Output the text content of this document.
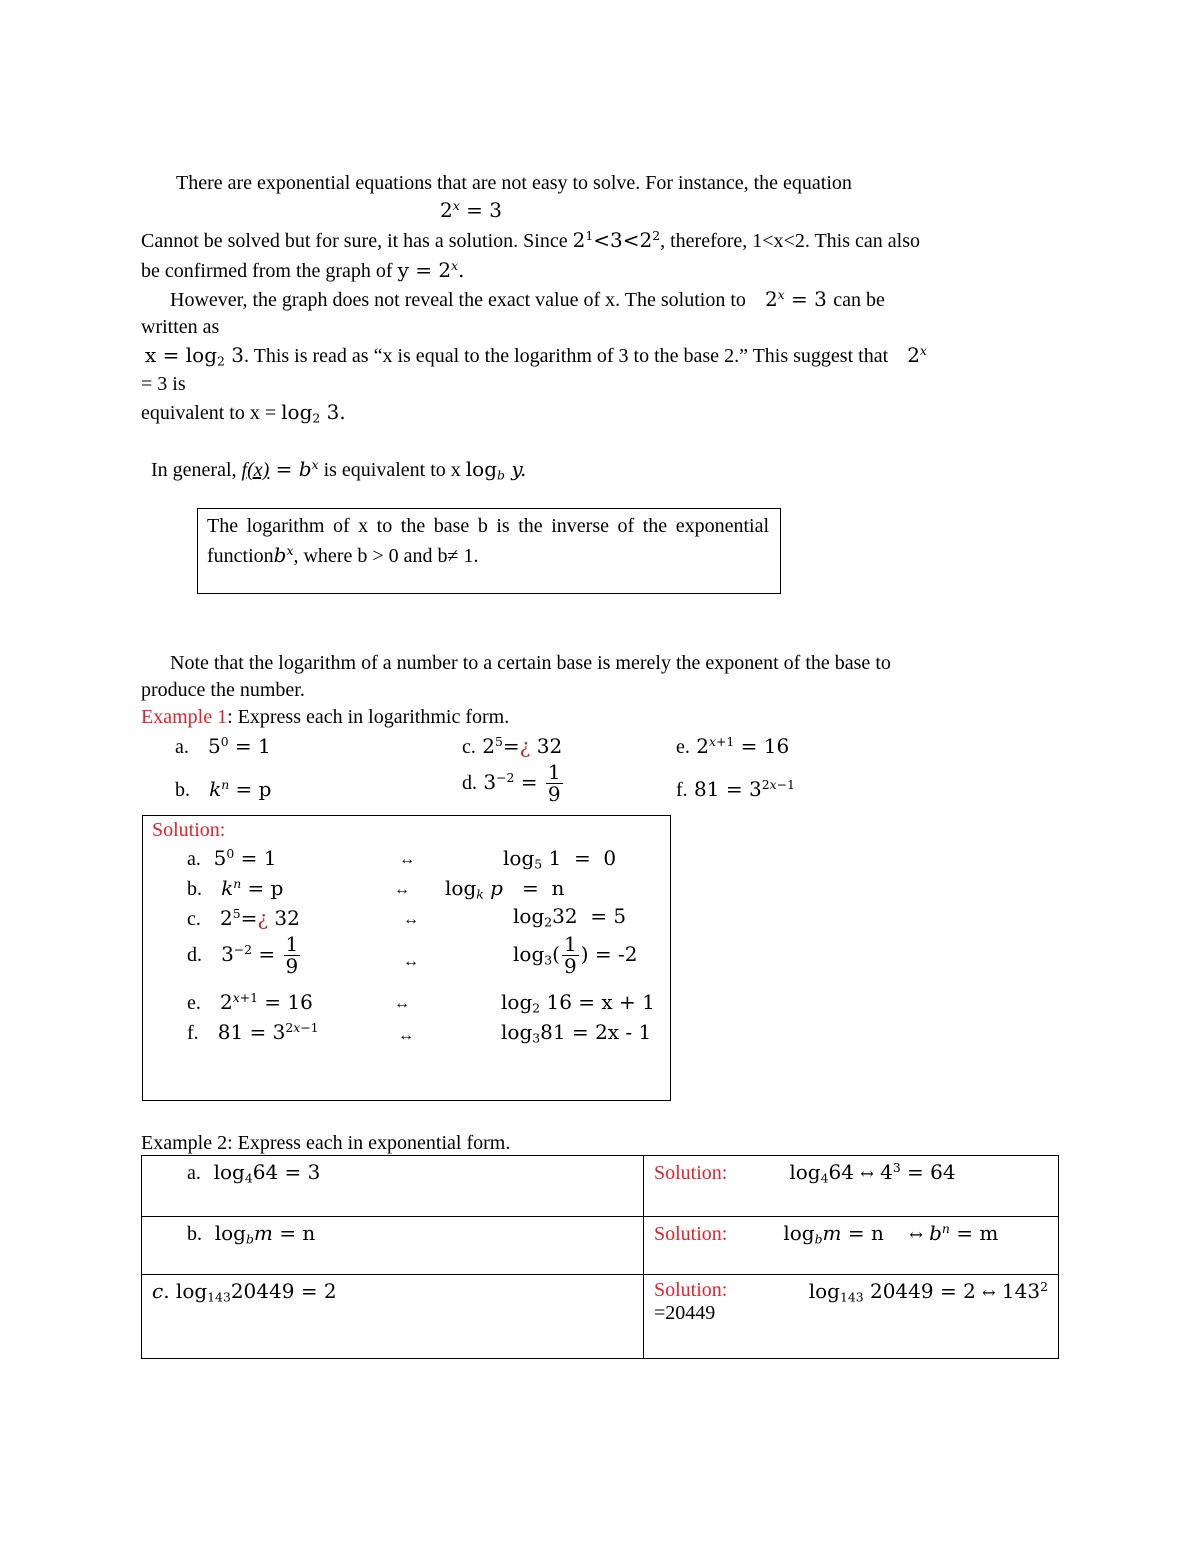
There are exponential equations that are not easy to solve. For instance, the equation
$2^x = 3$
Cannot be solved but for sure, it has a solution. Since $2^1<3<2^2$, therefore, 1<x<2. This can also
be confirmed from the graph of $y = 2^x$.
However, the graph does not reveal the exact value of x. The solution to   $2^x = 3$ can be
written as
$x = \log_2 3$. This is read as “x is equal to the logarithm of 3 to the base 2.” This suggest that   $2^x$
= 3 is
equivalent to $x = \log_2 3$.
In general, $f(x) = b^x$ is equivalent to x $\log_b y$.
The logarithm of x to the base b is the inverse of the exponential functionb$^x$, where b > 0 and b≠ 1.
Note that the logarithm of a number to a certain base is merely the exponent of the base to
produce the number.
Example 1: Express each in logarithmic form.
a.   $5^0 = 1$	c. $2^5=¿$ 32	e. $2^{x+1} = 16$
b. $k^n = p$	d. $3^{-2} = \frac{1}{9}$	f. $81 = 3^{2x-1}$
Solution:
a.  $5^0 = 1$	↔	$\log_5 1 = 0$
b. $k^n = p$	↔ $\log_k p = n$
c.   $2^5=¿$ 32	↔	$\log_232 = 5$
d.   $3^{-2} = \frac{1}{9}$	↔	$\log_3( \frac{1}{9}$ ) = -2
e.   $2^{x+1} = 16$	↔	$\log_2 16 = x + 1$
f.   $81 = 3^{2x-1}$	↔	$\log_381 = 2x - 1$
Example 2: Express each in exponential form.
a.  $\log_464 = 3$	Solution: $\log_464$ ↔ $4^3 = 64$
b.  $\log_bm = n$	Solution: $\log_bm = n$    ↔ $b^n = m$
c. $\log_{143}20449 = 2$	Solution: $\log_{143} 20449 = 2$ ↔ $143^2$

=20449
